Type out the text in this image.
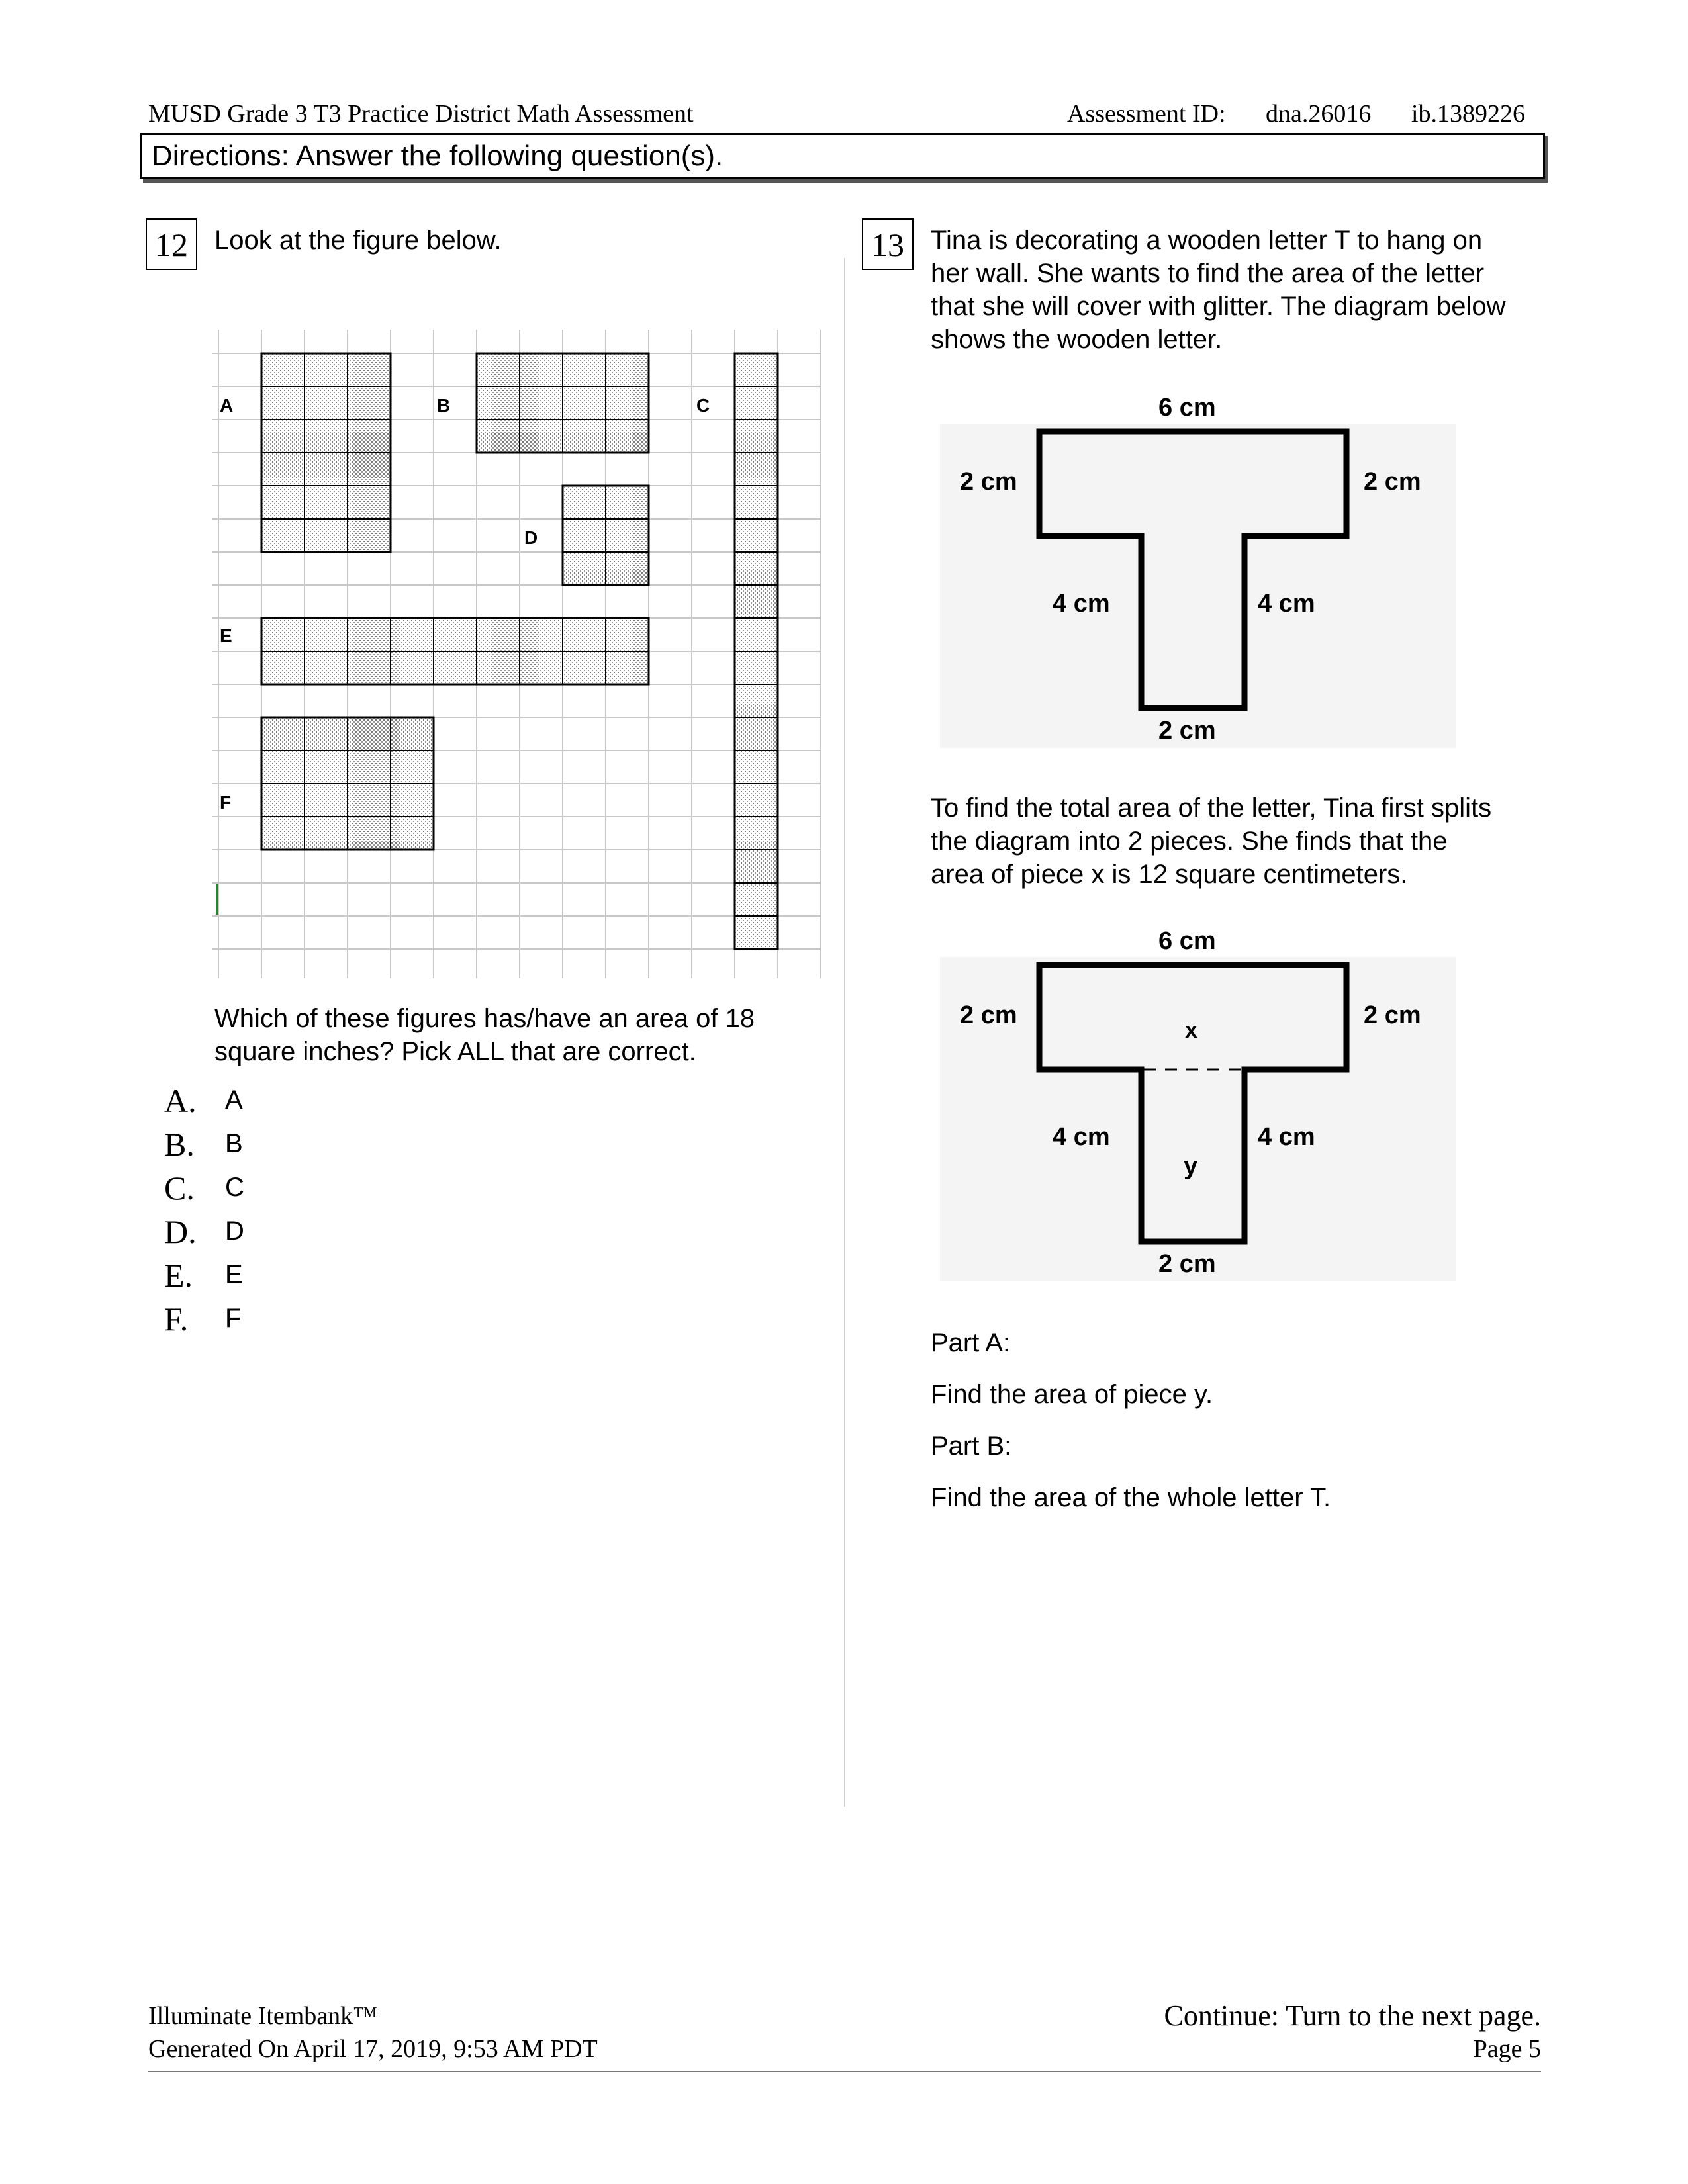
MUSD Grade 3 T3 Practice District Math Assessment	Assessment ID: dna.26016 ib.1389226
Directions: Answer the following question(s).
12	Look at the figure below.
A	B	C
D
E
F
Which of these figures has/have an area of 18
square inches? Pick ALL that are correct.
A. A
B. B
C. C
D. D
E. E
F. F
13	Tina is decorating a wooden letter T to hang on
her wall. She wants to find the area of the letter
that she will cover with glitter. The diagram below
shows the wooden letter.
6 cm
2 cm	2 cm
4 cm	4 cm
2 cm
To find the total area of the letter, Tina first splits
the diagram into 2 pieces. She finds that the
area of piece x is 12 square centimeters.
6 cm
2 cm	2 cm
x
4 cm	4 cm
y
2 cm
Part A:
Find the area of piece y.
Part B:
Find the area of the whole letter T.
Illuminate Itembank™
Generated On April 17, 2019, 9:53 AM PDT
Continue: Turn to the next page.
Page 5
